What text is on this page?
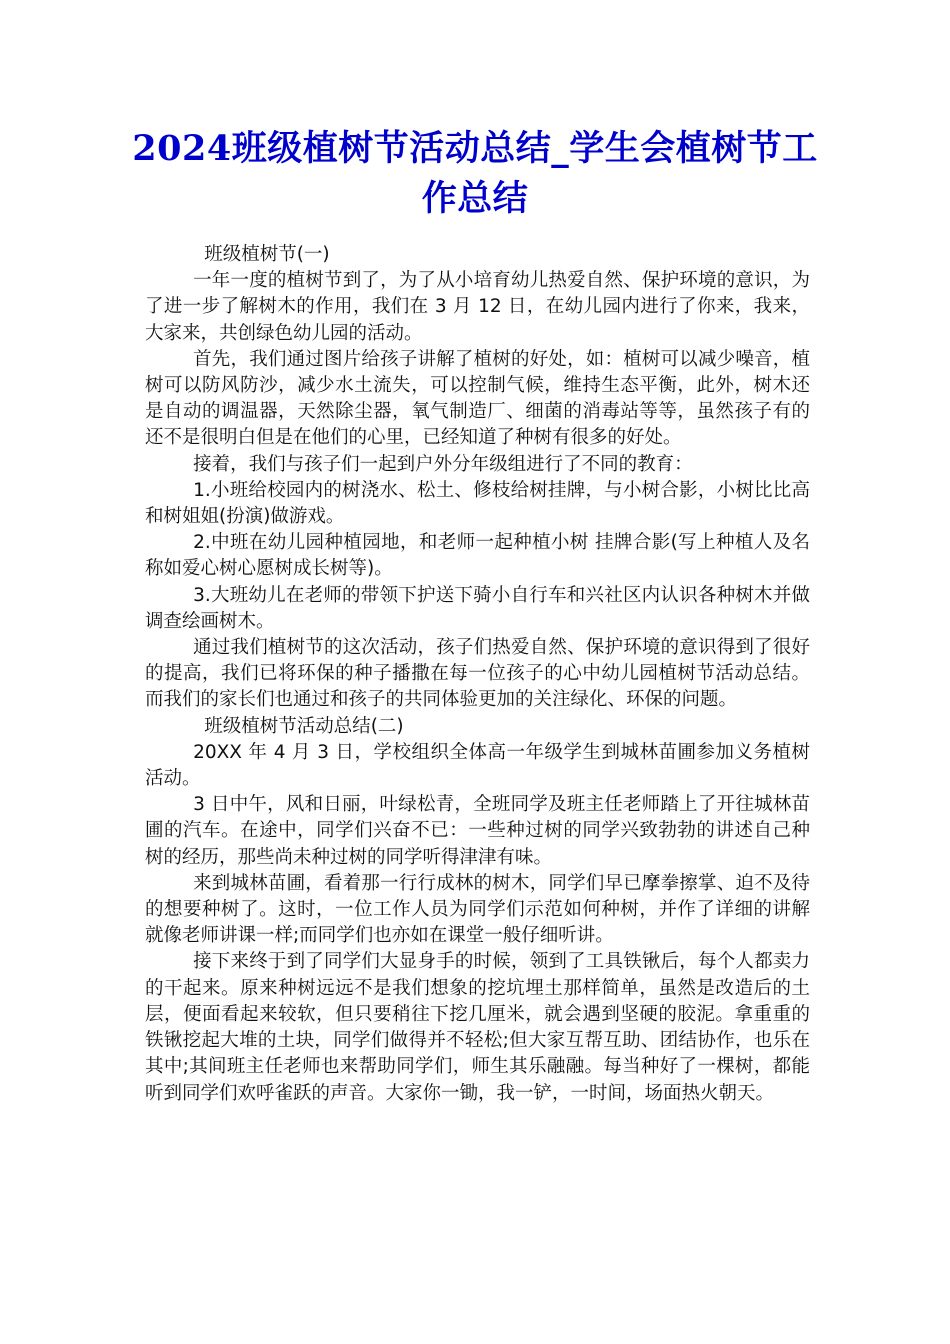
2024班级植树节活动总结_学生会植树节工作总结

班级植树节(一)

一年一度的植树节到了，为了从小培育幼儿热爱自然、保护环境的意识，为了进一步了解树木的作用，我们在 3 月 12 日，在幼儿园内进行了你来，我来，大家来，共创绿色幼儿园的活动。

首先，我们通过图片给孩子讲解了植树的好处，如：植树可以减少噪音，植树可以防风防沙，减少水土流失，可以控制气候，维持生态平衡，此外，树木还是自动的调温器，天然除尘器，氧气制造厂、细菌的消毒站等等，虽然孩子有的还不是很明白但是在他们的心里，已经知道了种树有很多的好处。

接着，我们与孩子们一起到户外分年级组进行了不同的教育：

1.小班给校园内的树浇水、松土、修枝给树挂牌，与小树合影，小树比比高和树姐姐(扮演)做游戏。

2.中班在幼儿园种植园地，和老师一起种植小树 挂牌合影(写上种植人及名称如爱心树心愿树成长树等)。

3.大班幼儿在老师的带领下护送下骑小自行车和兴社区内认识各种树木并做调查绘画树木。

通过我们植树节的这次活动，孩子们热爱自然、保护环境的意识得到了很好的提高，我们已将环保的种子播撒在每一位孩子的心中幼儿园植树节活动总结。而我们的家长们也通过和孩子的共同体验更加的关注绿化、环保的问题。

班级植树节活动总结(二)

20XX 年 4 月 3 日，学校组织全体高一年级学生到城林苗圃参加义务植树活动。

3 日中午，风和日丽，叶绿松青，全班同学及班主任老师踏上了开往城林苗圃的汽车。在途中，同学们兴奋不已：一些种过树的同学兴致勃勃的讲述自己种树的经历，那些尚未种过树的同学听得津津有味。

来到城林苗圃，看着那一行行成林的树木，同学们早已摩拳擦掌、迫不及待的想要种树了。这时，一位工作人员为同学们示范如何种树，并作了详细的讲解就像老师讲课一样;而同学们也亦如在课堂一般仔细听讲。

接下来终于到了同学们大显身手的时候，领到了工具铁锹后，每个人都卖力的干起来。原来种树远远不是我们想象的挖坑埋土那样简单，虽然是改造后的土层，便面看起来较软，但只要稍往下挖几厘米，就会遇到坚硬的胶泥。拿重重的铁锹挖起大堆的土块，同学们做得并不轻松;但大家互帮互助、团结协作，也乐在其中;其间班主任老师也来帮助同学们，师生其乐融融。每当种好了一棵树，都能听到同学们欢呼雀跃的声音。大家你一锄，我一铲，一时间，场面热火朝天。
